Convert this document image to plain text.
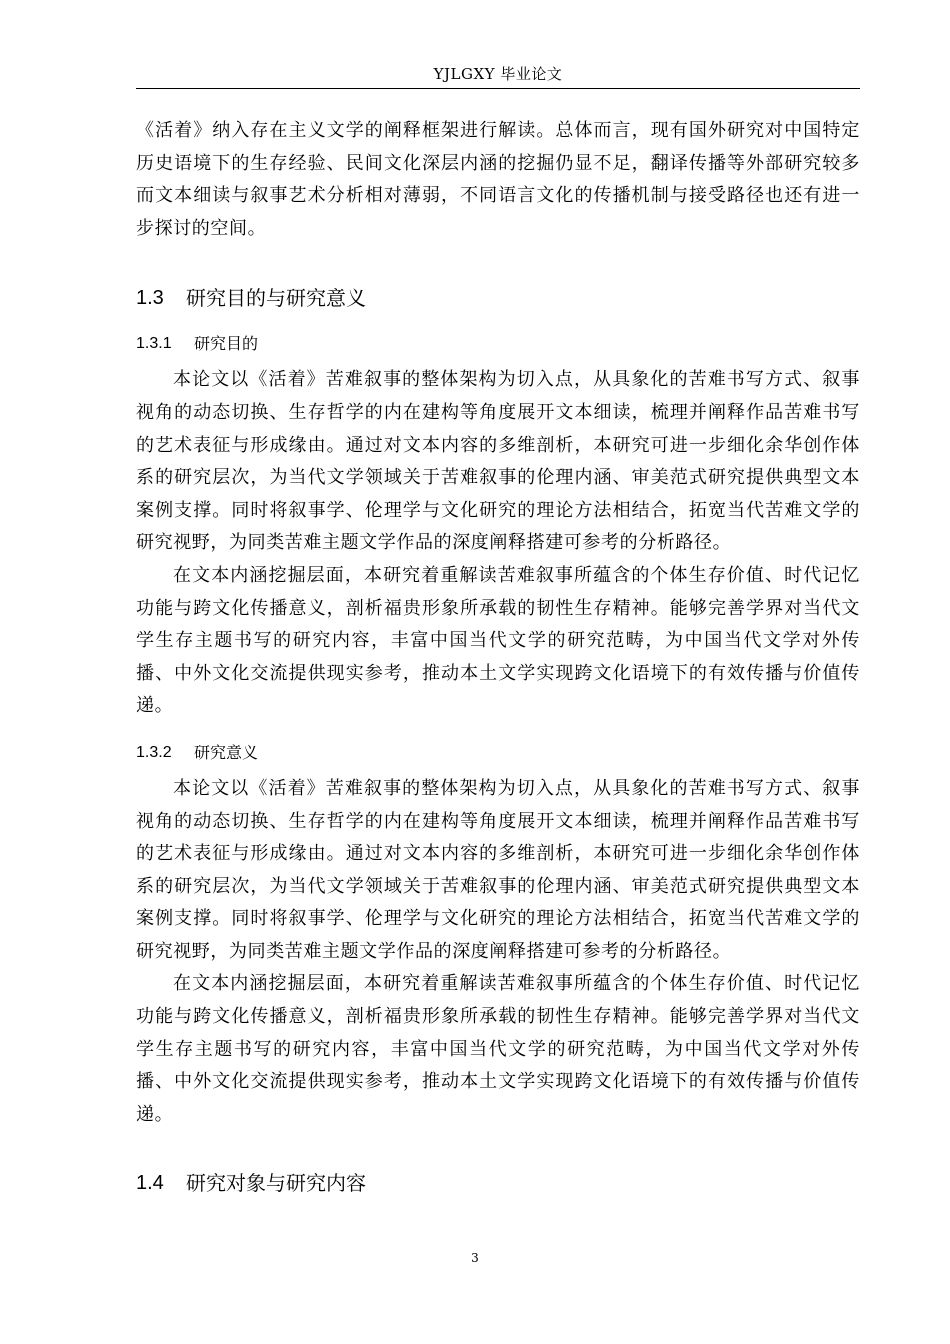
YJLGXY 毕业论文

《活着》纳入存在主义文学的阐释框架进行解读。总体而言，现有国外研究对中国特定历史语境下的生存经验、民间文化深层内涵的挖掘仍显不足，翻译传播等外部研究较多而文本细读与叙事艺术分析相对薄弱，不同语言文化的传播机制与接受路径也还有进一步探讨的空间。

1.3	研究目的与研究意义
1.3.1	研究目的

本论文以《活着》苦难叙事的整体架构为切入点，从具象化的苦难书写方式、叙事视角的动态切换、生存哲学的内在建构等角度展开文本细读，梳理并阐释作品苦难书写的艺术表征与形成缘由。通过对文本内容的多维剖析，本研究可进一步细化余华创作体系的研究层次，为当代文学领域关于苦难叙事的伦理内涵、审美范式研究提供典型文本案例支撑。同时将叙事学、伦理学与文化研究的理论方法相结合，拓宽当代苦难文学的研究视野，为同类苦难主题文学作品的深度阐释搭建可参考的分析路径。

在文本内涵挖掘层面，本研究着重解读苦难叙事所蕴含的个体生存价值、时代记忆功能与跨文化传播意义，剖析福贵形象所承载的韧性生存精神。能够完善学界对当代文学生存主题书写的研究内容，丰富中国当代文学的研究范畴，为中国当代文学对外传播、中外文化交流提供现实参考，推动本土文学实现跨文化语境下的有效传播与价值传递。

1.3.2	研究意义

本论文以《活着》苦难叙事的整体架构为切入点，从具象化的苦难书写方式、叙事视角的动态切换、生存哲学的内在建构等角度展开文本细读，梳理并阐释作品苦难书写的艺术表征与形成缘由。通过对文本内容的多维剖析，本研究可进一步细化余华创作体系的研究层次，为当代文学领域关于苦难叙事的伦理内涵、审美范式研究提供典型文本案例支撑。同时将叙事学、伦理学与文化研究的理论方法相结合，拓宽当代苦难文学的研究视野，为同类苦难主题文学作品的深度阐释搭建可参考的分析路径。

在文本内涵挖掘层面，本研究着重解读苦难叙事所蕴含的个体生存价值、时代记忆功能与跨文化传播意义，剖析福贵形象所承载的韧性生存精神。能够完善学界对当代文学生存主题书写的研究内容，丰富中国当代文学的研究范畴，为中国当代文学对外传播、中外文化交流提供现实参考，推动本土文学实现跨文化语境下的有效传播与价值传递。

1.4	研究对象与研究内容
3
